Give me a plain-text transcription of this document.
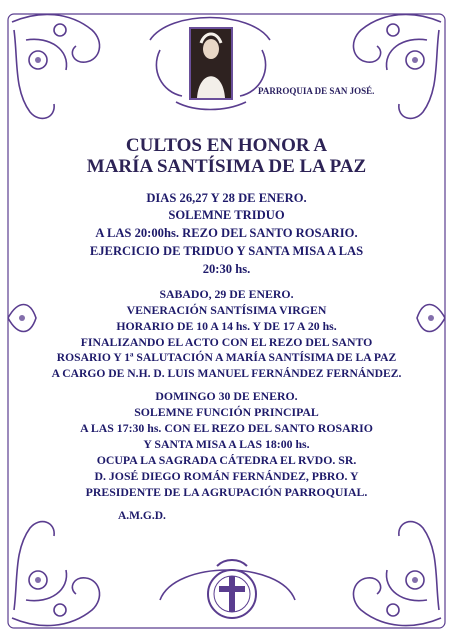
PARROQUIA DE SAN JOSÉ.
CULTOS EN HONOR A
MARÍA SANTÍSIMA DE LA PAZ
DIAS 26,27 Y 28 DE ENERO.
SOLEMNE TRIDUO
A LAS 20:00hs. REZO DEL SANTO ROSARIO.
EJERCICIO DE TRIDUO Y SANTA MISA A LAS
20:30 hs.
SABADO, 29 DE ENERO.
VENERACIÓN SANTÍSIMA VIRGEN
HORARIO DE 10 A 14 hs. Y DE 17 A 20 hs.
FINALIZANDO EL ACTO CON EL REZO DEL SANTO
ROSARIO Y 1ª SALUTACIÓN A MARÍA SANTÍSIMA DE LA PAZ
A CARGO DE N.H. D. LUIS MANUEL FERNÁNDEZ FERNÁNDEZ.
DOMINGO 30 DE ENERO.
SOLEMNE FUNCIÓN PRINCIPAL
A LAS 17:30 hs. CON EL REZO DEL SANTO ROSARIO
Y SANTA MISA A LAS 18:00 hs.
OCUPA LA SAGRADA CÁTEDRA EL RVDO. SR.
D. JOSÉ DIEGO ROMÁN FERNÁNDEZ, PBRO. Y
PRESIDENTE DE LA AGRUPACIÓN PARROQUIAL.
A.M.G.D.
